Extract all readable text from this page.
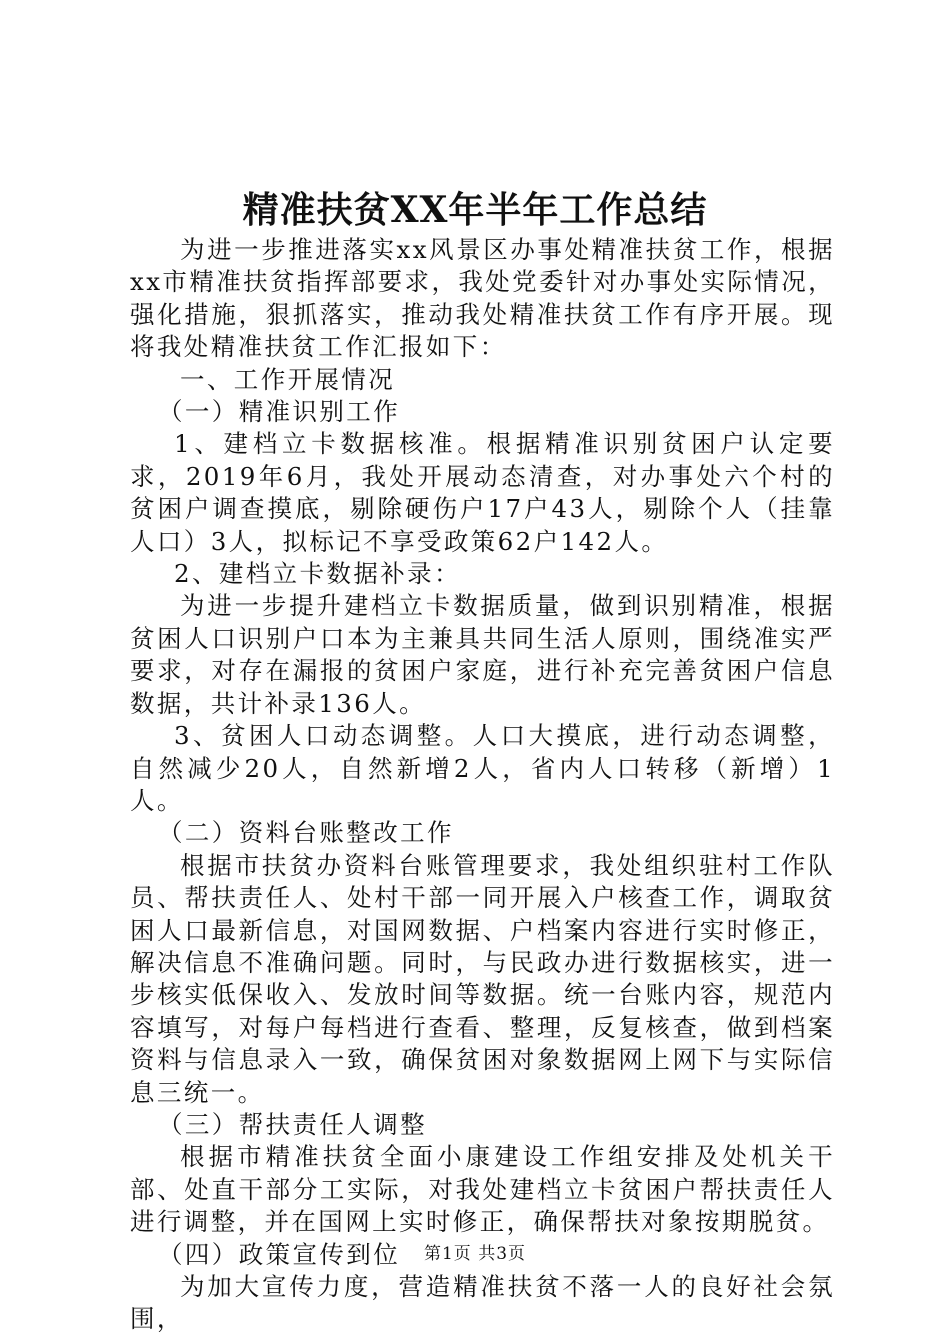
精准扶贫XX年半年工作总结

为进一步推进落实xx风景区办事处精准扶贫工作，根据xx市精准扶贫指挥部要求，我处党委针对办事处实际情况，强化措施，狠抓落实，推动我处精准扶贫工作有序开展。现将我处精准扶贫工作汇报如下：

一、工作开展情况

（一）精准识别工作

1、建档立卡数据核准。根据精准识别贫困户认定要求，2019年6月，我处开展动态清查，对办事处六个村的贫困户调查摸底，剔除硬伤户17户43人，剔除个人（挂靠人口）3人，拟标记不享受政策62户142人。

2、建档立卡数据补录：

为进一步提升建档立卡数据质量，做到识别精准，根据贫困人口识别户口本为主兼具共同生活人原则，围绕准实严要求，对存在漏报的贫困户家庭，进行补充完善贫困户信息数据，共计补录136人。

3、贫困人口动态调整。人口大摸底，进行动态调整，自然减少20人，自然新增2人，省内人口转移（新增）1人。

（二）资料台账整改工作

根据市扶贫办资料台账管理要求，我处组织驻村工作队员、帮扶责任人、处村干部一同开展入户核查工作，调取贫困人口最新信息，对国网数据、户档案内容进行实时修正，解决信息不准确问题。同时，与民政办进行数据核实，进一步核实低保收入、发放时间等数据。统一台账内容，规范内容填写，对每户每档进行查看、整理，反复核查，做到档案资料与信息录入一致，确保贫困对象数据网上网下与实际信息三统一。

（三）帮扶责任人调整

根据市精准扶贫全面小康建设工作组安排及处机关干部、处直干部分工实际，对我处建档立卡贫困户帮扶责任人进行调整，并在国网上实时修正，确保帮扶对象按期脱贫。

（四）政策宣传到位

为加大宣传力度，营造精准扶贫不落一人的良好社会氛围，

第1页 共3页
